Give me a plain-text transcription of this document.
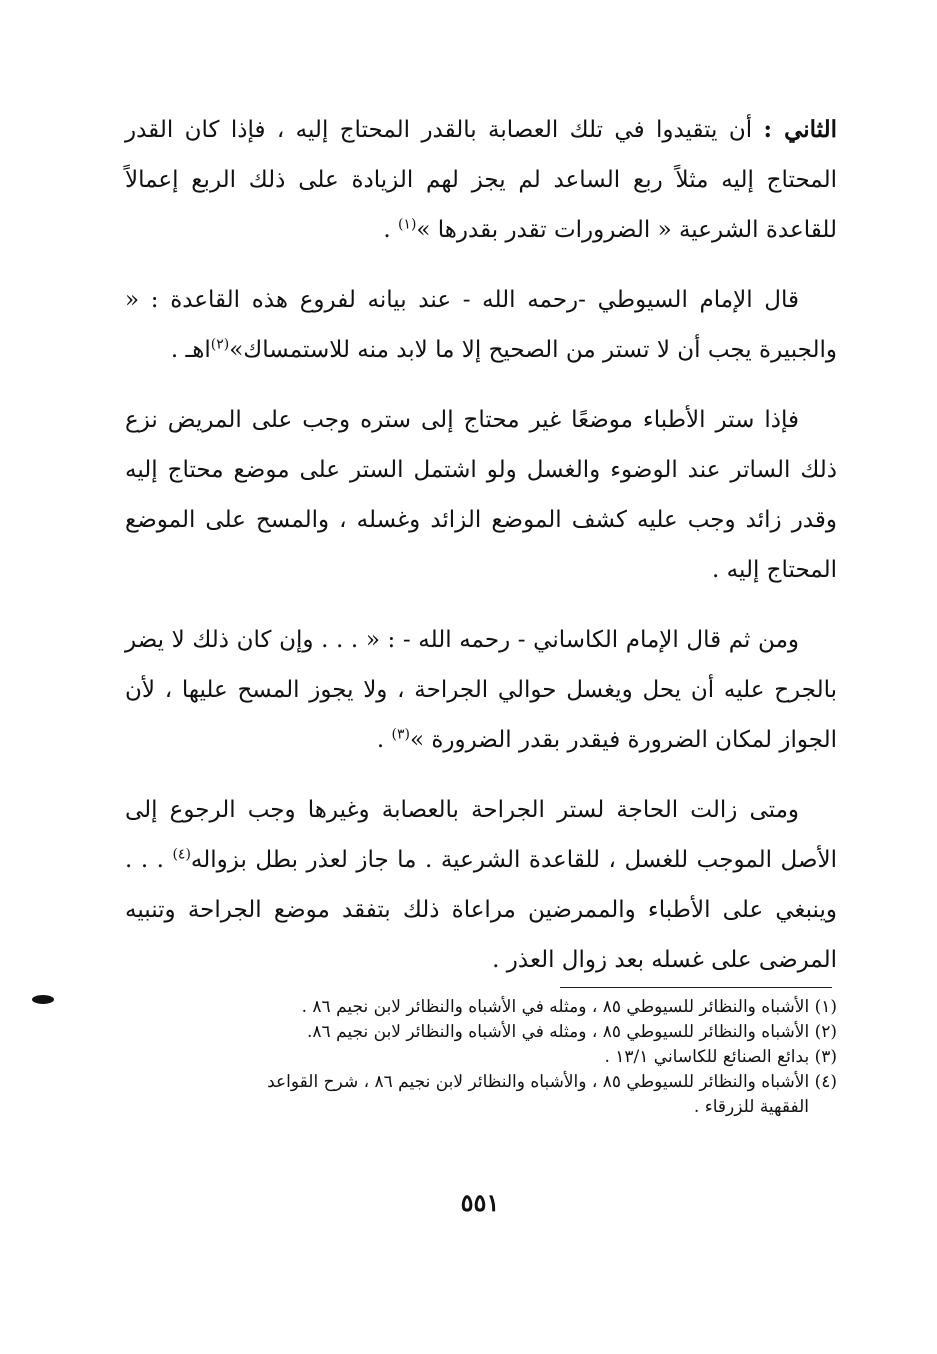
الثاني : أن يتقيدوا في تلك العصابة بالقدر المحتاج إليه ، فإذا كان القدر المحتاج إليه مثلاً ربع الساعد لم يجز لهم الزيادة على ذلك الربع إعمالاً للقاعدة الشرعية « الضرورات تقدر بقدرها »$^{(١)}$ .

قال الإمام السيوطي -رحمه الله - عند بيانه لفروع هذه القاعدة : « والجبيرة يجب أن لا تستر من الصحيح إلا ما لابد منه للاستمساك»$^{(٢)}$اهـ .

فإذا ستر الأطباء موضعًا غير محتاج إلى ستره وجب على المريض نزع ذلك الساتر عند الوضوء والغسل ولو اشتمل الستر على موضع محتاج إليه وقدر زائد وجب عليه كشف الموضع الزائد وغسله ، والمسح على الموضع المحتاج إليه .

ومن ثم قال الإمام الكاساني - رحمه الله - : « . . . وإن كان ذلك لا يضر بالجرح عليه أن يحل ويغسل حوالي الجراحة ، ولا يجوز المسح عليها ، لأن الجواز لمكان الضرورة فيقدر بقدر الضرورة »$^{(٣)}$ .

ومتى زالت الحاجة لستر الجراحة بالعصابة وغيرها وجب الرجوع إلى الأصل الموجب للغسل ، للقاعدة الشرعية . ما جاز لعذر بطل بزواله$^{(٤)}$ . . . وينبغي على الأطباء والممرضين مراعاة ذلك بتفقد موضع الجراحة وتنبيه المرضى على غسله بعد زوال العذر .

(١) الأشباه والنظائر للسيوطي ٨٥ ، ومثله في الأشباه والنظائر لابن نجيم ٨٦ .

(٢) الأشباه والنظائر للسيوطي ٨٥ ، ومثله في الأشباه والنظائر لابن نجيم ٨٦.

(٣) بدائع الصنائع للكاساني ١٣/١ .

(٤) الأشباه والنظائر للسيوطي ٨٥ ، والأشباه والنظائر لابن نجيم ٨٦ ، شرح القواعد

الفقهية للزرقاء .

٥٥١
